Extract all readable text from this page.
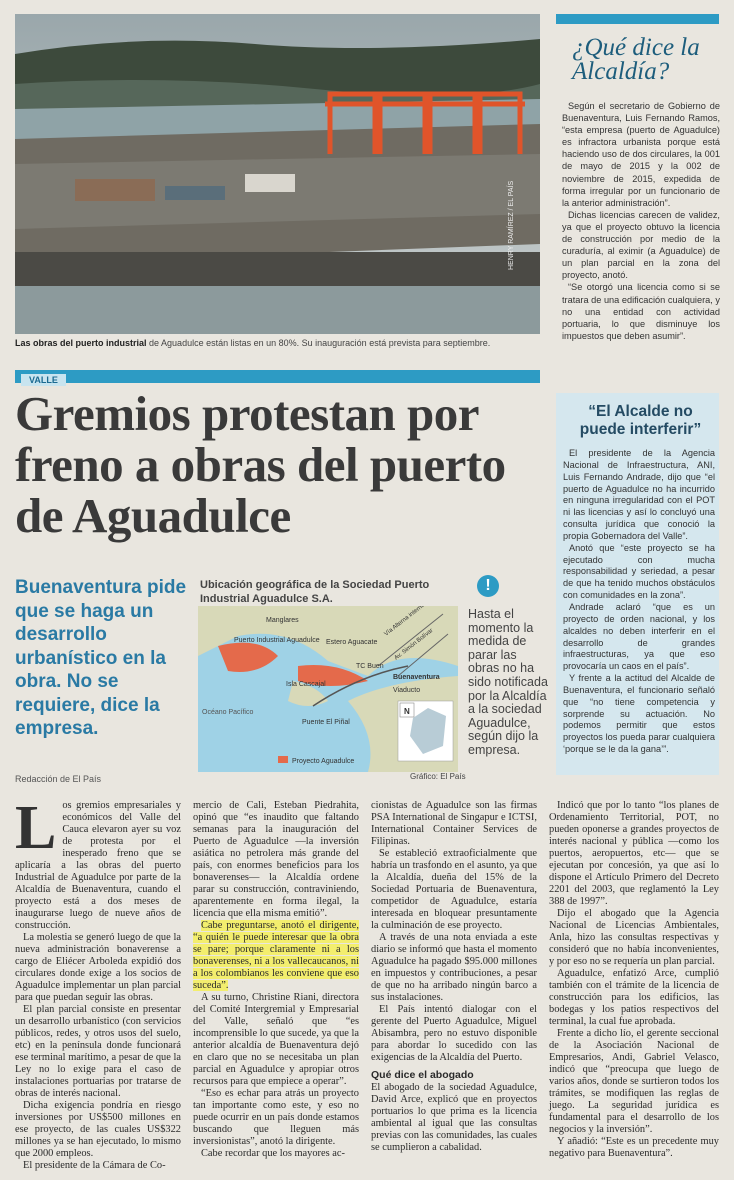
HENRY RAMÍREZ / EL PAÍS
Las obras del puerto industrial de Aguadulce están listas en un 80%. Su inauguración está prevista para septiembre.
¿Qué dice la Alcaldía?

Según el secretario de Gobierno de Buenaventura, Luis Fernando Ramos, “esta empresa (puerto de Aguadulce) es infractora urbanista porque está haciendo uso de dos circulares, la 001 de mayo de 2015 y la 002 de noviembre de 2015, expedida de forma irregular por un funcionario de la anterior administración”.

Dichas licencias carecen de validez, ya que el proyecto obtuvo la licencia de construcción por medio de la curaduría, al eximir (a Aguadulce) de un plan parcial en la zona del proyecto, anotó.

“Se otorgó una licencia como si se tratara de una edificación cualquiera, y no una entidad con actividad portuaria, lo que disminuye los impuestos que deben asumir”.

VALLE
Gremios protestan por freno a obras del puerto de Aguadulce
Buenaventura pide que se haga un desarrollo urbanístico en la obra. No se requiere, dice la empresa.
Redacción de El País
Ubicación geográfica de la Sociedad Puerto Industrial Aguadulce S.A.
Manglares
Puerto Industrial Aguadulce Estero Aguacate
TC Buen
Isla Cascajal
Buenaventura
Viaducto
Océano Pacífico
Puente El Piñal
Vía Alterna interna
Av. Simón Bolívar
N
Proyecto Aguadulce
Gráfico: El País
!
Hasta el momento la medida de parar las obras no ha sido notificada por la Alcaldía a la sociedad Aguadulce, según dijo la empresa.
“El Alcalde no puede interferir”

El presidente de la Agencia Nacional de Infraestructura, ANI, Luis Fernando Andrade, dijo que “el puerto de Aguadulce no ha incurrido en ninguna irregularidad con el POT ni las licencias y así lo concluyó una consulta jurídica que conoció la propia Gobernadora del Valle”.

Anotó que “este proyecto se ha ejecutado con mucha responsabilidad y seriedad, a pesar de que ha tenido muchos obstáculos con comunidades en la zona”.

Andrade aclaró “que es un proyecto de orden nacional, y los alcaldes no deben interferir en el desarrollo de grandes infraestructuras, ya que eso provocaría un caos en el país”.

Y frente a la actitud del Alcalde de Buenaventura, el funcionario señaló que “no tiene competencia y sorprende su actuación. No podemos permitir que estos proyectos los pueda parar cualquiera ‘porque se le da la gana’”.

L os gremios empresariales y económicos del Valle del Cauca elevaron ayer su voz de protesta por el inesperado freno que se aplicaría a las obras del puerto Industrial de Aguadulce por parte de la Alcaldía de Buenaventura, cuando el proyecto está a dos meses de inaugurarse luego de nueve años de construcción.

La molestia se generó luego de que la nueva administración bonaverense a cargo de Eliécer Arboleda expidió dos circulares donde exige a los socios de Aguadulce implementar un plan parcial para que puedan seguir las obras.

El plan parcial consiste en presentar un desarrollo urbanístico (con servicios públicos, redes, y otros usos del suelo, etc) en la península donde funcionará ese terminal marítimo, a pesar de que la Ley no lo exige para el caso de instalaciones portuarias por tratarse de obras de interés nacional.

Dicha exigencia pondría en riesgo inversiones por US$500 millones en ese proyecto, de las cuales US$322 millones ya se han ejecutado, lo mismo que 2000 empleos.

El presidente de la Cámara de Co-

mercio de Cali, Esteban Piedrahita, opinó que “es inaudito que faltando semanas para la inauguración del Puerto de Aguadulce —la inversión asiática no petrolera más grande del país, con enormes beneficios para los bonaverenses— la Alcaldía ordene parar su construcción, contraviniendo, aparentemente en forma ilegal, la licencia que ella misma emitió”.

Cabe preguntarse, anotó el dirigente, “a quién le puede interesar que la obra se pare; porque claramente ni a los bonaverenses, ni a los vallecaucanos, ni a los colombianos les conviene que eso suceda”.

A su turno, Christine Riani, directora del Comité Intergremial y Empresarial del Valle, señaló que “es incomprensible lo que sucede, ya que la anterior alcaldía de Buenaventura dejó en claro que no se necesitaba un plan parcial en Aguadulce y apropiar otros recursos para que empiece a operar”.

“Eso es echar para atrás un proyecto tan importante como este, y eso no puede ocurrir en un país donde estamos buscando que lleguen más inversionistas”, anotó la dirigente.

Cabe recordar que los mayores ac-

cionistas de Aguadulce son las firmas PSA International de Singapur e ICTSI, International Container Services de Filipinas.

Se estableció extraoficialmente que habría un trasfondo en el asunto, ya que la Alcaldía, dueña del 15% de la Sociedad Portuaria de Buenaventura, competidor de Aguadulce, estaría interesada en bloquear presuntamente la culminación de ese proyecto.

A través de una nota enviada a este diario se informó que hasta el momento Aguadulce ha pagado $95.000 millones en impuestos y contribuciones, a pesar de que no ha arribado ningún barco a sus instalaciones.

El País intentó dialogar con el gerente del Puerto Aguadulce, Miguel Abisambra, pero no estuvo disponible para abordar lo sucedido con las exigencias de la Alcaldía del Puerto.

Qué dice el abogado

El abogado de la sociedad Aguadulce, David Arce, explicó que en proyectos portuarios lo que prima es la licencia ambiental al igual que las consultas previas con las comunidades, las cuales se cumplieron a cabalidad.

Indicó que por lo tanto “los planes de Ordenamiento Territorial, POT, no pueden oponerse a grandes proyectos de interés nacional y pública —como los puertos, aeropuertos, etc— que se ejecutan por concesión, ya que así lo dispone el Artículo Primero del Decreto 2201 del 2003, que reglamentó la Ley 388 de 1997”.

Dijo el abogado que la Agencia Nacional de Licencias Ambientales, Anla, hizo las consultas respectivas y consideró que no había inconvenientes, y por eso no se requería un plan parcial.

Aguadulce, enfatizó Arce, cumplió también con el trámite de la licencia de construcción para los edificios, las bodegas y los patios respectivos del terminal, la cual fue aprobada.

Frente a dicho lío, el gerente seccional de la Asociación Nacional de Empresarios, Andi, Gabriel Velasco, indicó que “preocupa que luego de varios años, donde se surtieron todos los trámites, se modifiquen las reglas de juego. La seguridad jurídica es fundamental para el desarrollo de los negocios y la inversión”.

Y añadió: “Este es un precedente muy negativo para Buenaventura”.
